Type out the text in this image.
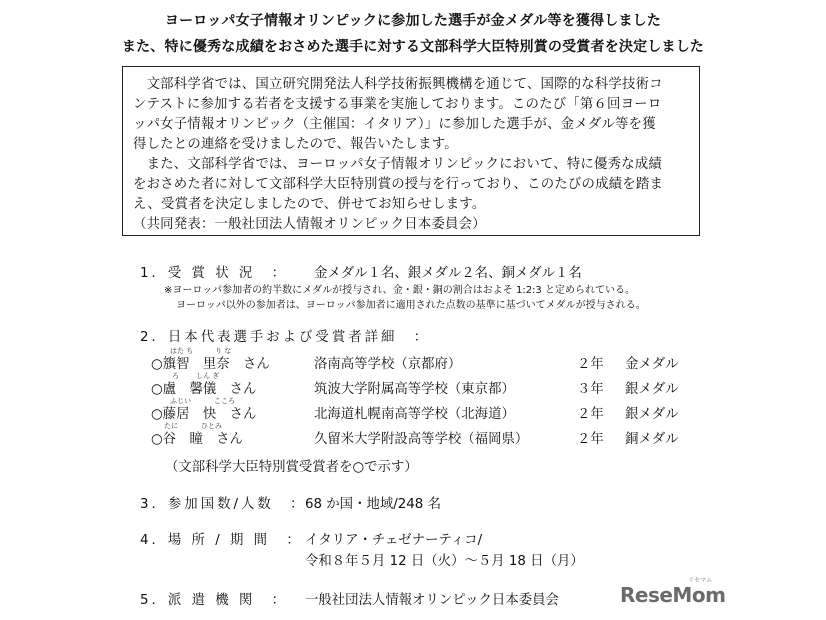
ヨーロッパ女子情報オリンピックに参加した選手が金メダル等を獲得しました
また、特に優秀な成績をおさめた選手に対する文部科学大臣特別賞の受賞者を決定しました
　文部科学省では、国立研究開発法人科学技術振興機構を通じて、国際的な科学技術コ
ンテストに参加する若者を支援する事業を実施しております。このたび「第６回ヨーロ
ッパ女子情報オリンピック（主催国：イタリア）」に参加した選手が、金メダル等を獲
得したとの連絡を受けましたので、報告いたします。
　また、文部科学省では、ヨーロッパ女子情報オリンピックにおいて、特に優秀な成績
をおさめた者に対して文部科学大臣特別賞の授与を行っており、このたびの成績を踏ま
え、受賞者を決定しましたので、併せてお知らせします。
（共同発表：一般社団法人情報オリンピック日本委員会）
1．受 賞 状 況　： 金メダル１名、銀メダル２名、銅メダル１名
※ヨーロッパ参加者の約半数にメダルが授与され、金・銀・銅の割合はおよそ 1:2:3 と定められている。
ヨーロッパ以外の参加者は、ヨーロッパ参加者に適用された点数の基準に基づいてメダルが授与される。
2．日本代表選手および受賞者詳細　：
はた ち	り な
○籏智　里奈　さん	洛南高等学校（京都府）	２年 金メダル
ろ しん ぎ
○盧　馨儀　さん	筑波大学附属高等学校（東京都）	３年 銀メダル
ふじい	こころ
○藤居　快　さん	北海道札幌南高等学校（北海道）	２年 銀メダル
たに	ひとみ
○谷　瞳　さん	久留米大学附設高等学校（福岡県）	２年 銅メダル
（文部科学大臣特別賞受賞者を○で示す）
3．参加国数/人数　：
68 か国・地域/248 名
4．場 所 / 期 間　： イタリア・チェゼナーティコ/
令和８年５月 12 日（火）～５月 18 日（月）
5．派 遣 機 関　： 一般社団法人情報オリンピック日本委員会
リセマム
ReseMom
